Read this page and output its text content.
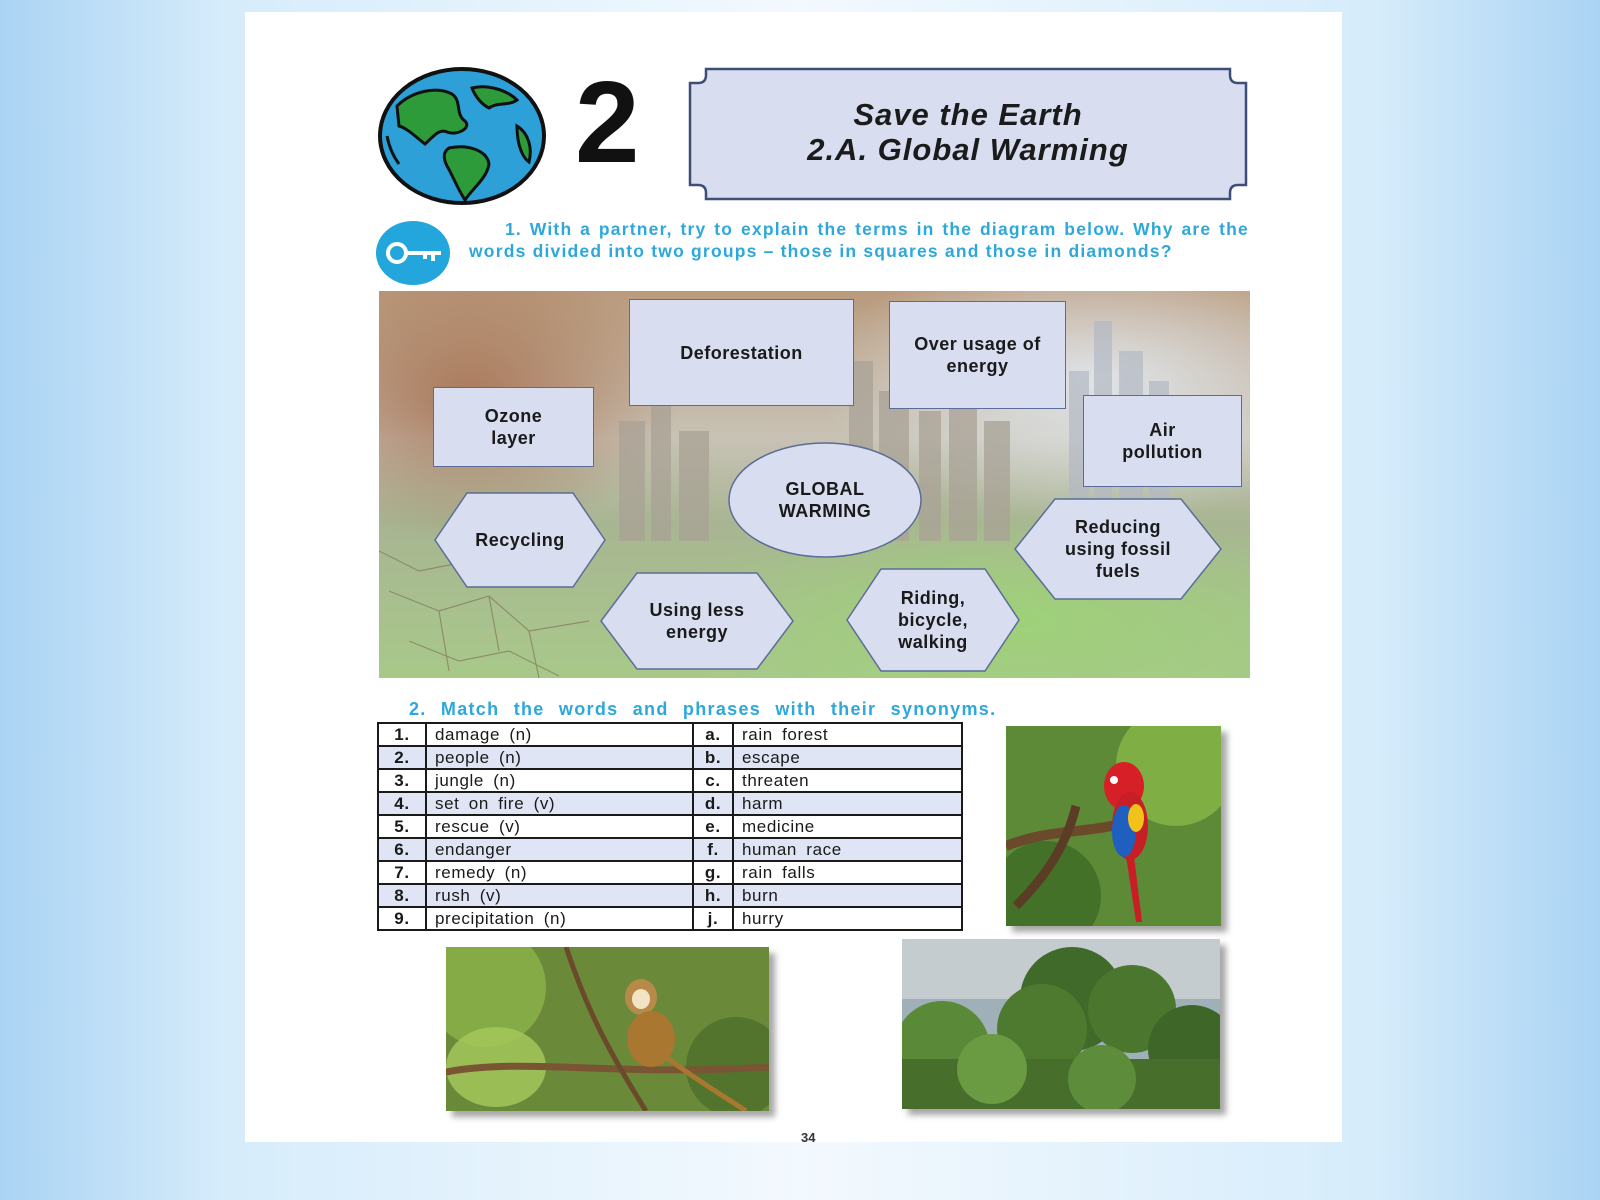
2	Save the Earth
2.A. Global Warming
1. With a partner, try to explain the terms in the diagram below. Why are the words divided into two groups – those in squares and those in diamonds?
Deforestation	Over usage of energy
Ozone layer	Air pollution
GLOBAL WARMING
Recycling
Using less energy
Riding, bicycle, walking
Reducing using fossil fuels
2. Match the words and phrases with their synonyms.
1.	damage (n)	a.	rain forest
2.	people (n)	b.	escape
3.	jungle (n)	c.	threaten
4.	set on fire (v)	d.	harm
5.	rescue (v)	e.	medicine
6.	endanger	f.	human race
7.	remedy (n)	g.	rain falls
8.	rush (v)	h.	burn
9.	precipitation (n)	j.	hurry
34
